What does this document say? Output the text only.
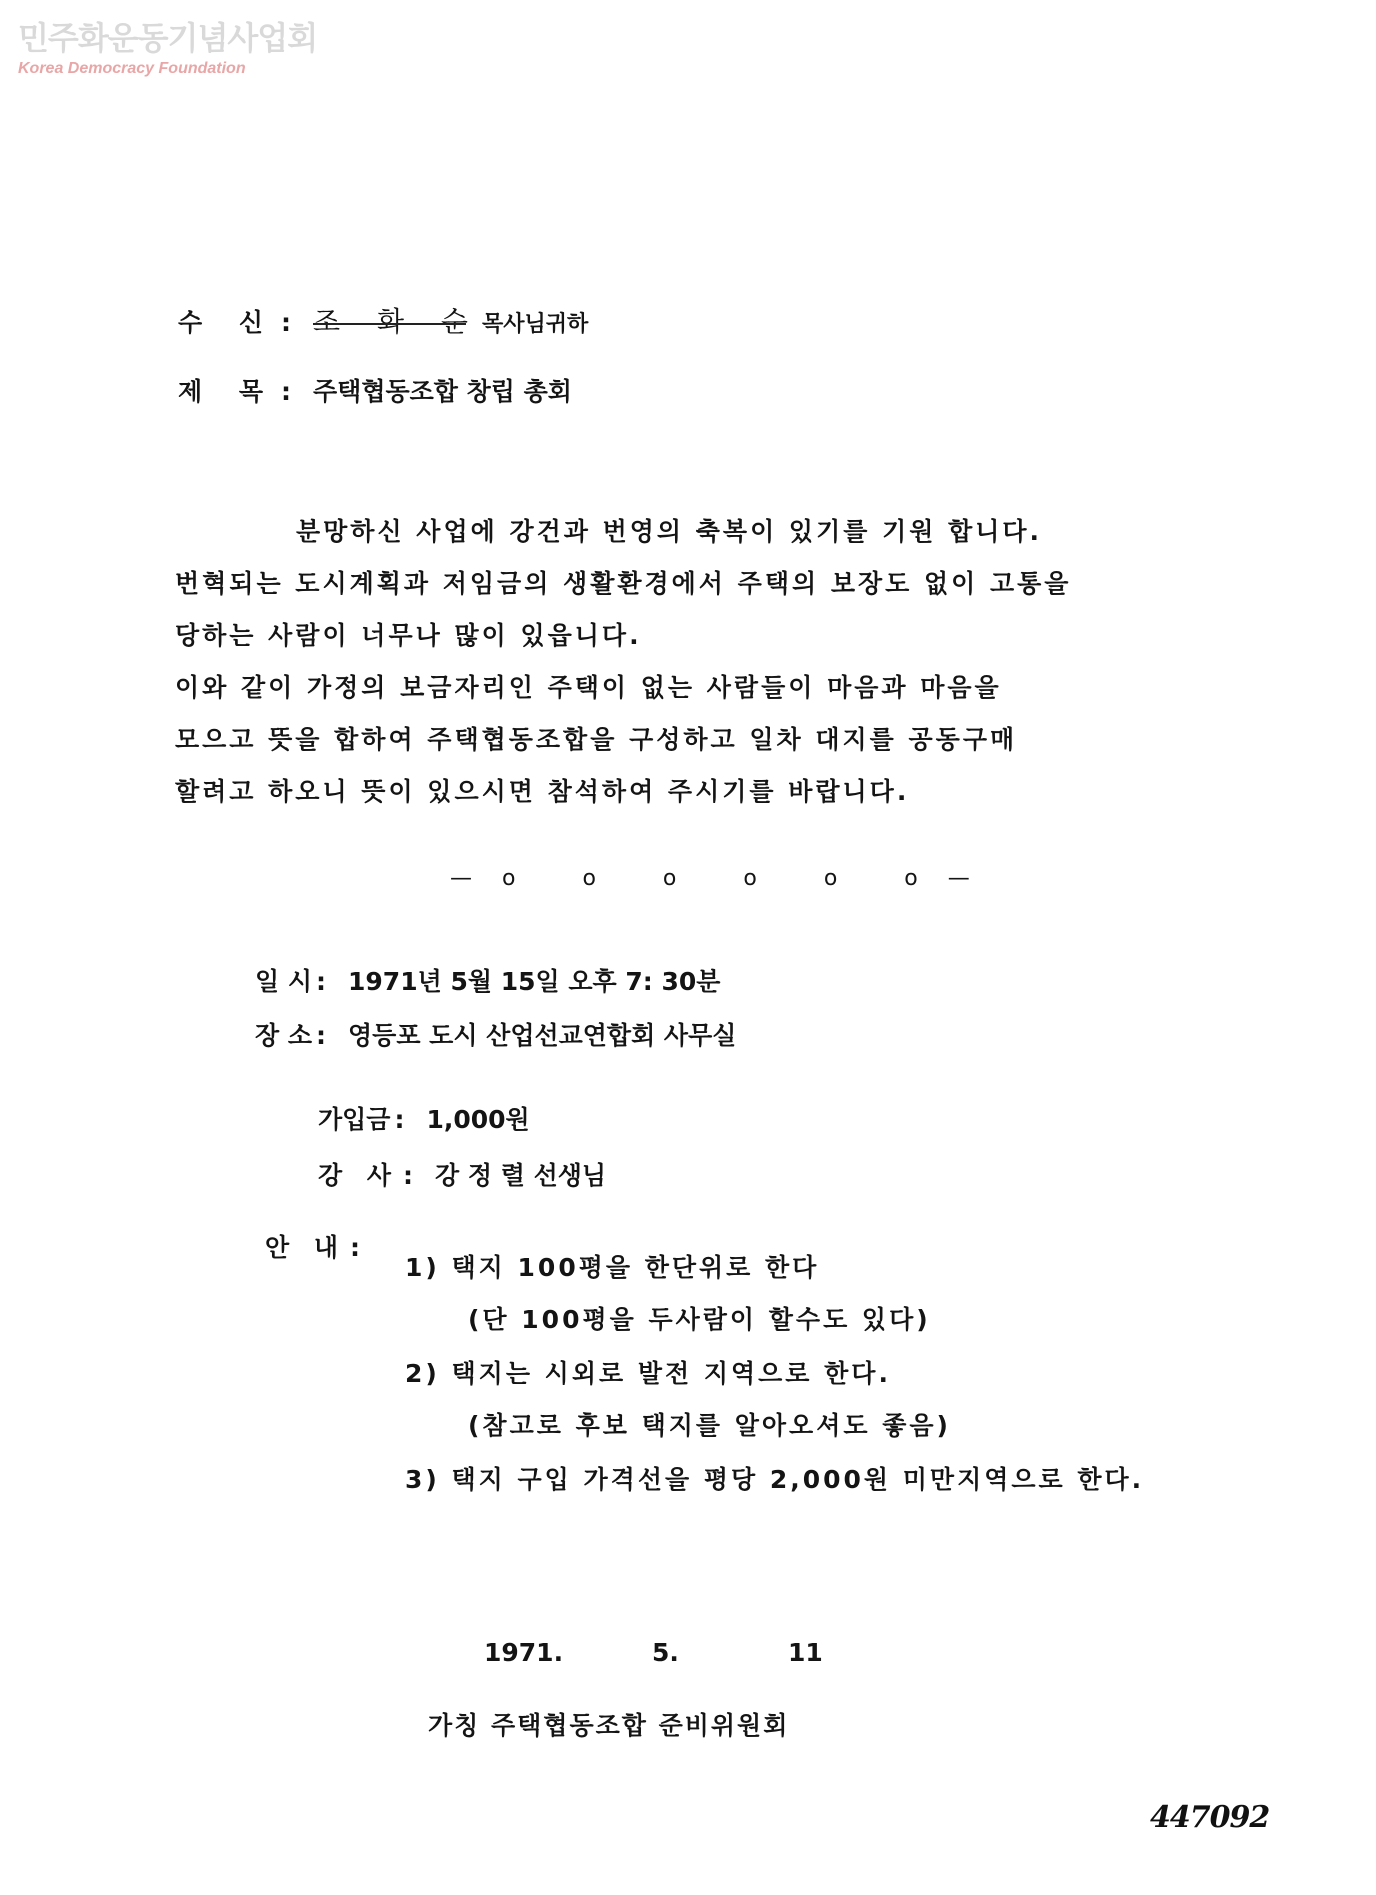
민주화운동기념사업회
Korea Democracy Foundation
수 신 : 조 화 순목사님귀하
제 목 : 주택협동조합 창립 총회
분망하신 사업에 강건과 번영의 축복이 있기를 기원 합니다.
번혁되는 도시계획과 저임금의 생활환경에서 주택의 보장도 없이 고통을
당하는 사람이 너무나 많이 있읍니다.
이와 같이 가정의 보금자리인 주택이 없는 사람들이 마음과 마음을
모으고 뜻을 합하여 주택협동조합을 구성하고 일차 대지를 공동구매
할려고 하오니 뜻이 있으시면 참석하여 주시기를 바랍니다.
—o o o o o o—
일 시 : 1971년 5월 15일 오후 7: 30분
장 소 : 영등포 도시 산업선교연합회 사무실
가입금 : 1,000원
강 사 : 강 정 렬 선생님
안 내 :
1) 택지 100평을 한단위로 한다
(단 100평을 두사람이 할수도 있다)
2) 택지는 시외로 발전 지역으로 한다.
(참고로 후보 택지를 알아오셔도 좋음)
3) 택지 구입 가격선을 평당 2,000원 미만지역으로 한다.
1971.	5.	11
가칭 주택협동조합 준비위원회
447092
